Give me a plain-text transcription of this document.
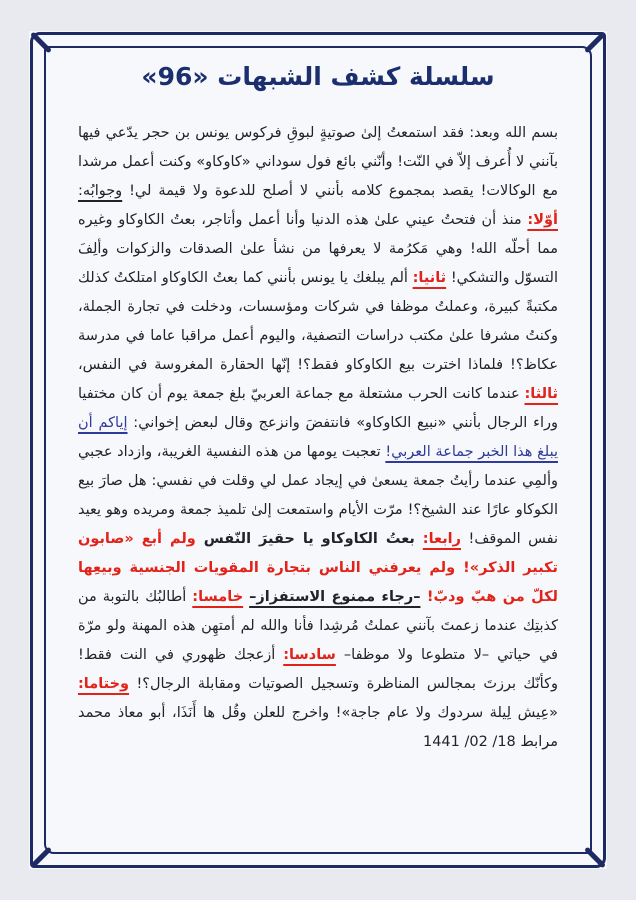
سلسلة كشف الشبهات «96»

بسم الله وبعد: فقد استمعتُ إلىٰ صوتيةٍ لبوقِ فركوس يونس بن حجر يدّعي فيها بآنني لا أُعرف إلاّ في النّت! وأنّني بائع فول سوداني «كاوكاو» وكنت أعمل مرشدا مع الوكالات! يقصد بمجموع كلامه بأنني لا أصلح للدعوة ولا قيمة لي! وجوابُه: أوّلا: منذ أن فتحتُ عيني علىٰ هذه الدنيا وأنا أعمل وأتاجر، بعتُ الكاوكاو وغيره مما أحلّه الله! وهي مَكرُمة لا يعرفها من نشأ علىٰ الصدقات والزكوات وألِفَ التسوّل والتشكي! ثانيا: ألم يبلغك يا يونس بأنني كما بعتُ الكاوكاو امتلكتُ كذلك مكتبةً كبيرة، وعملتُ موظفا في شركات ومؤسسات، ودخلت في تجارة الجملة، وكنتُ مشرفا علىٰ مكتب دراسات التصفية، واليوم أعمل مراقبا عاما في مدرسة عكاظ؟! فلماذا اخترت بيع الكاوكاو فقط؟! إنّها الحقارة المغروسة في النفس، ثالثا: عندما كانت الحرب مشتعلة مع جماعة العربيّ بلغ جمعة يوم أن كان مختفيا وراء الرجال بأنني «نبيع الكاوكاو» فانتفضَ وانزعج وقال لبعض إخواني: إياكم أن يبلغ هذا الخبر جماعة العربي! تعجبت يومها من هذه النفسية الغريبة، وازداد عجبي وألمِي عندما رأيتُ جمعة يسعىٰ في إيجاد عمل لي وقلت في نفسي: هل صارَ بيع الكوكاو عارًا عند الشيخ؟! مرّت الأيام واستمعت إلىٰ تلميذ جمعة ومريده وهو يعيد نفس الموقف! رابعا: بعتُ الكاوكاو يا حقيرَ النّفس ولم أبع «صابون تكبير الذكر»! ولم يعرفني الناس بتجارة المقويات الجنسية وبيعِها لكلّ من هبّ ودبّ! –رجاء ممنوع الاستفزاز– خامسا: أطالبُك بالتوبة من كذبتِك عندما زعمتَ بآنني عملتُ مُرشِدا فأنا والله لم أمتهِن هذه المهنة ولو مرّة في حياتي –لا متطوعا ولا موظفا– سادسا: أزعجك ظهوري في النت فقط! وكأنّك برزتَ بمجالس المناظرة وتسجيل الصوتيات ومقابلة الرجال؟! وختاما: «عِيش لِيلة سردوك ولا عام جاجة»! واخرج للعلن وقُل ها أَنَذَا، أبو معاذ محمد مرابط 18/ 02/ 1441
